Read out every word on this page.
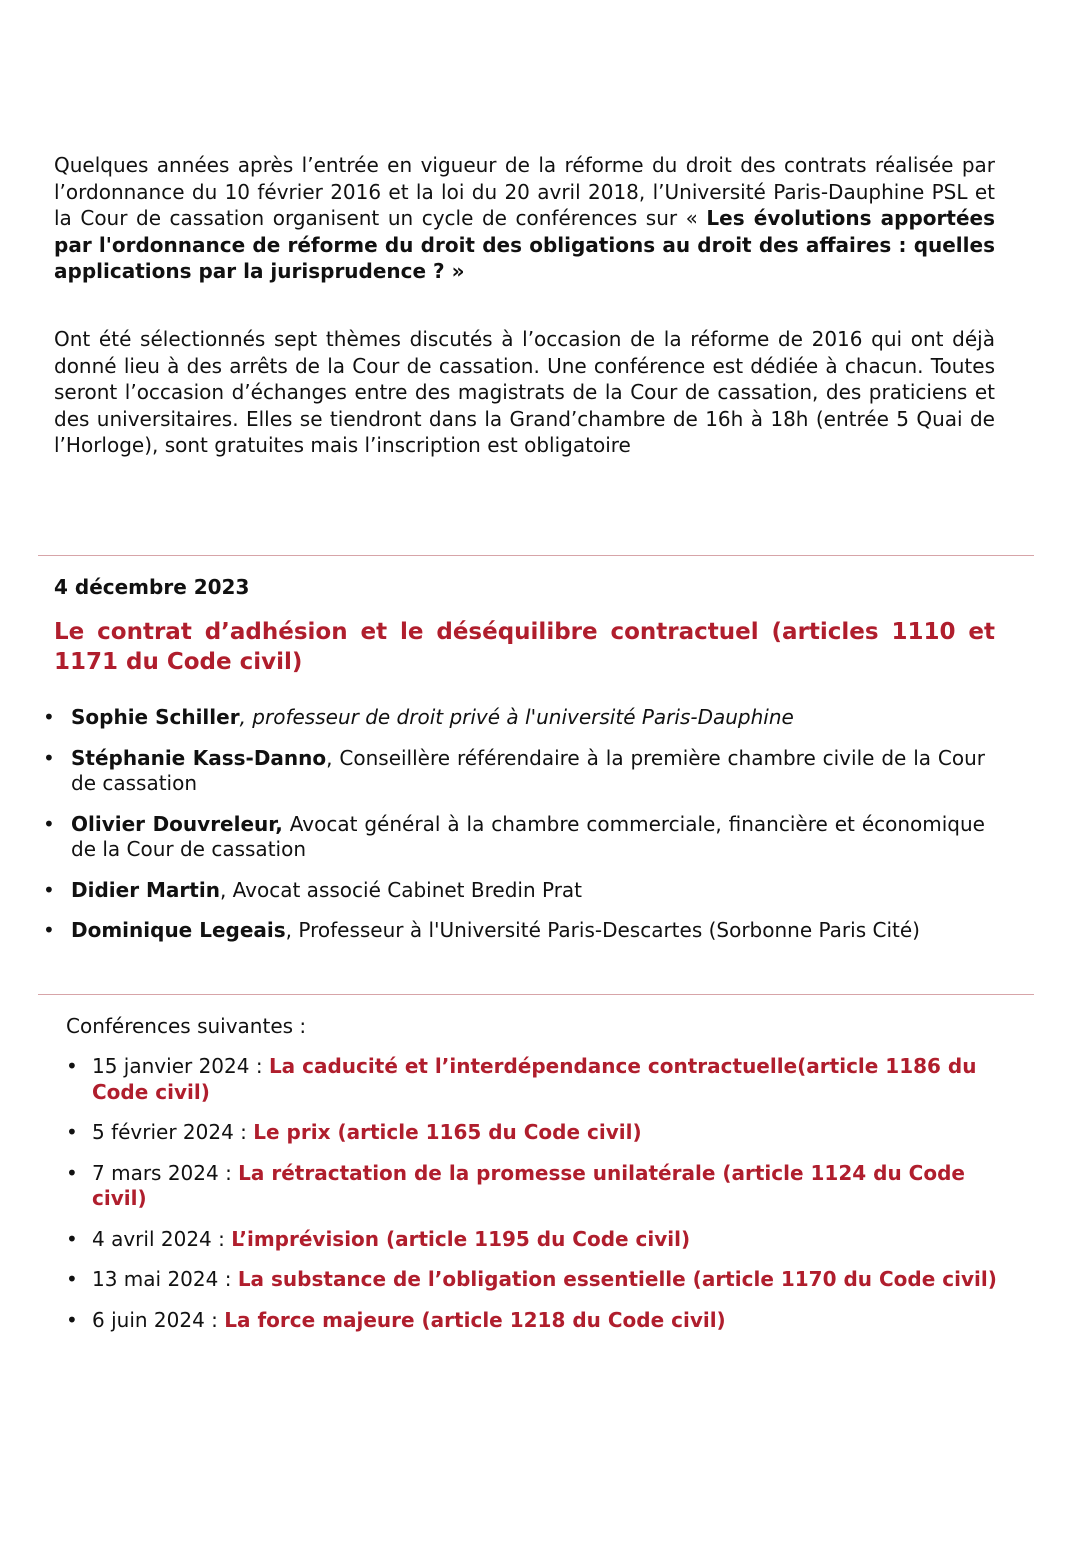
Quelques années après l’entrée en vigueur de la réforme du droit des contrats réalisée par l’ordonnance du 10 février 2016 et la loi du 20 avril 2018, l’Université Paris-Dauphine PSL et la Cour de cassation organisent un cycle de conférences sur « Les évolutions apportées par l'ordonnance de réforme du droit des obligations au droit des affaires : quelles applications par la jurisprudence ? »
Ont été sélectionnés sept thèmes discutés à l’occasion de la réforme de 2016 qui ont déjà donné lieu à des arrêts de la Cour de cassation. Une conférence est dédiée à chacun. Toutes seront l’occasion d’échanges entre des magistrats de la Cour de cassation, des praticiens et des universitaires. Elles se tiendront dans la Grand’chambre de 16h à 18h (entrée 5 Quai de l’Horloge), sont gratuites mais l’inscription est obligatoire
4 décembre 2023
Le contrat d’adhésion et le déséquilibre contractuel (articles 1110 et 1171 du Code civil)
• Sophie Schiller, professeur de droit privé à l'université Paris-Dauphine
• Stéphanie Kass-Danno, Conseillère référendaire à la première chambre civile de la Cour de cassation
• Olivier Douvreleur, Avocat général à la chambre commerciale, financière et économique de la Cour de cassation
• Didier Martin, Avocat associé Cabinet Bredin Prat
• Dominique Legeais, Professeur à l'Université Paris-Descartes (Sorbonne Paris Cité)
Conférences suivantes :
• 15 janvier 2024 : La caducité et l’interdépendance contractuelle(article 1186 du Code civil)
• 5 février 2024 : Le prix (article 1165 du Code civil)
• 7 mars 2024 : La rétractation de la promesse unilatérale (article 1124 du Code civil)
• 4 avril 2024 : L’imprévision (article 1195 du Code civil)
• 13 mai 2024 : La substance de l’obligation essentielle (article 1170 du Code civil)
• 6 juin 2024 : La force majeure (article 1218 du Code civil)
